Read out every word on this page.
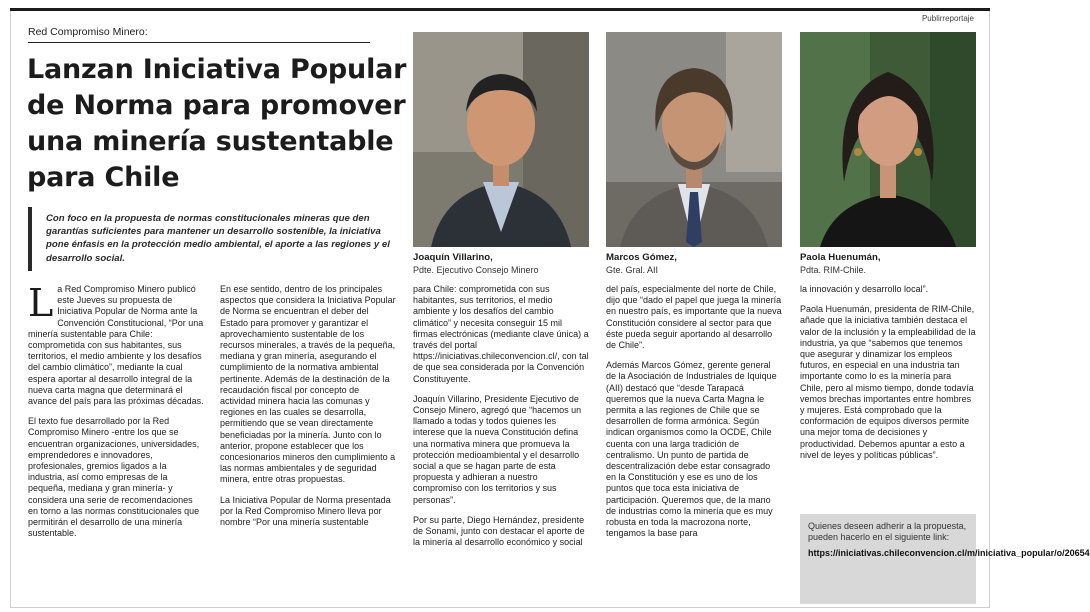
Publirreportaje
Red Compromiso Minero:
Lanzan Iniciativa Popular de Norma para promover una minería sustentable para Chile
Con foco en la propuesta de normas constitucionales mineras que den garantías suficientes para mantener un desarrollo sostenible, la iniciativa pone énfasis en la protección medio ambiental, el aporte a las regiones y el desarrollo social.

La Red Compromiso Minero publicó este Jueves su propuesta de Iniciativa Popular de Norma ante la Convención Constitucional, “Por una minería sustentable para Chile: comprometida con sus habitantes, sus territorios, el medio ambiente y los desafíos del cambio climático”, mediante la cual espera aportar al desarrollo integral de la nueva carta magna que determinará el avance del país para las próximas décadas.

El texto fue desarrollado por la Red Compromiso Minero -entre los que se encuentran organizaciones, universidades, emprendedores e innovadores, profesionales, gremios ligados a la industria, así como empresas de la pequeña, mediana y gran minería- y considera una serie de recomendaciones en torno a las normas constitucionales que permitirán el desarrollo de una minería sustentable.

En ese sentido, dentro de los principales aspectos que considera la Iniciativa Popular de Norma se encuentran el deber del Estado para promover y garantizar el aprovechamiento sustentable de los recursos minerales, a través de la pequeña, mediana y gran minería, asegurando el cumplimiento de la normativa ambiental pertinente. Además de la destinación de la recaudación fiscal por concepto de actividad minera hacia las comunas y regiones en las cuales se desarrolla, permitiendo que se vean directamente beneficiadas por la minería. Junto con lo anterior, propone establecer que los concesionarios mineros den cumplimiento a las normas ambientales y de seguridad minera, entre otras propuestas.

La Iniciativa Popular de Norma presentada por la Red Compromiso Minero lleva por nombre “Por una minería sustentable

para Chile: comprometida con sus habitantes, sus territorios, el medio ambiente y los desafíos del cambio climático” y necesita conseguir 15 mil firmas electrónicas (mediante clave única) a través del portal https://iniciativas.chileconvencion.cl/, con tal de que sea considerada por la Convención Constituyente.

Joaquín Villarino, Presidente Ejecutivo de Consejo Minero, agregó que “hacemos un llamado a todas y todos quienes les interese que la nueva Constitución defina una normativa minera que promueva la protección medioambiental y el desarrollo social a que se hagan parte de esta propuesta y adhieran a nuestro compromiso con los territorios y sus personas”.

Por su parte, Diego Hernández, presidente de Sonami, junto con destacar el aporte de la minería al desarrollo económico y social

del país, especialmente del norte de Chile, dijo que “dado el papel que juega la minería en nuestro país, es importante que la nueva Constitución considere al sector para que éste pueda seguir aportando al desarrollo de Chile”.

Además Marcos Gómez, gerente general de la Asociación de Industriales de Iquique (AII) destacó que “desde Tarapacá queremos que la nueva Carta Magna le permita a las regiones de Chile que se desarrollen de forma armónica. Según indican organismos como la OCDE, Chile cuenta con una larga tradición de centralismo. Un punto de partida de descentralización debe estar consagrado en la Constitución y ese es uno de los puntos que toca esta iniciativa de participación. Queremos que, de la mano de industrias como la minería que es muy robusta en toda la macrozona norte, tengamos la base para

la innovación y desarrollo local”.

Paola Huenumán, presidenta de RIM-Chile, añade que la iniciativa también destaca el valor de la inclusión y la empleabilidad de la industria, ya que “sabemos que tenemos que asegurar y dinamizar los empleos futuros, en especial en una industria tan importante como lo es la minería para Chile, pero al mismo tiempo, donde todavía vemos brechas importantes entre hombres y mujeres. Está comprobado que la conformación de equipos diversos permite una mejor toma de decisiones y productividad. Debemos apuntar a esto a nivel de leyes y políticas públicas”.

Joaquín Villarino,
Pdte. Ejecutivo Consejo Minero
Marcos Gómez,
Gte. Gral. AII
Paola Huenumán,
Pdta. RIM-Chile.
Quienes deseen adherir a la propuesta, pueden hacerlo en el siguiente link:
https://iniciativas.chileconvencion.cl/m/iniciativa_popular/o/20654
